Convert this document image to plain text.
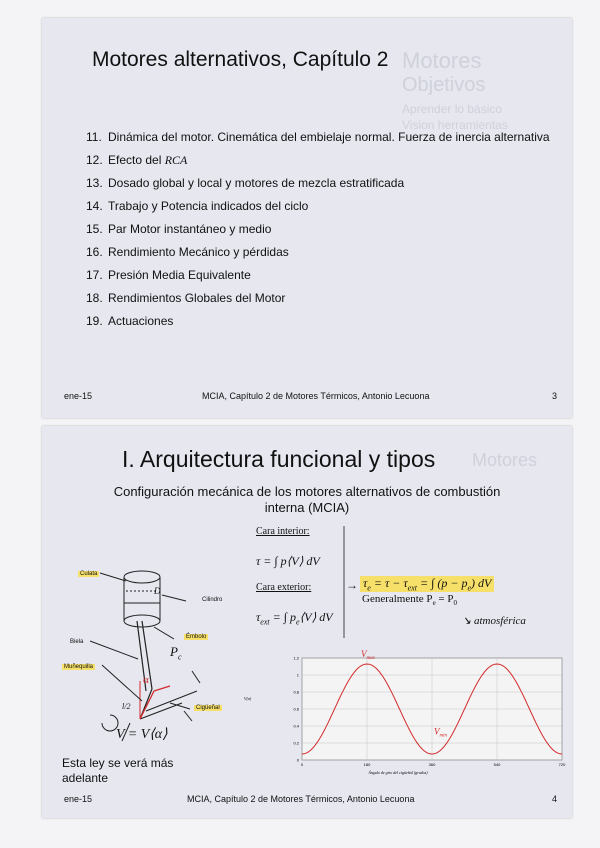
Motores
Objetivos
Aprender lo básico
Vision herramientas
Motores alternativos, Capítulo 2
11. Dinámica del motor. Cinemática del embielaje normal. Fuerza de inercia alternativa
12. Efecto del RCA
13. Dosado global y local y motores de mezcla estratificada
14. Trabajo y Potencia indicados del ciclo
15. Par Motor instantáneo y medio
16. Rendimiento Mecánico y pérdidas
17. Presión Media Equivalente
18. Rendimientos Globales del Motor
19. Actuaciones
ene-15	MCIA, Capítulo 2 de Motores Térmicos, Antonio Lecuona	3
Motores
I. Arquitectura funcional y tipos
Configuración mecánica de los motores alternativos de combustión
interna (MCIA)
Culata
Cilindro
Biela
Muñequilla
Émbolo
Cigüeñal
D
l/2
α
$P_c$
V = V⟨α⟩
Cara interior:
τ = ∫ p⟨V⟩ dV
Cara exterior:
$\tau_{ext}$ = ∫ $p_e⟨V⟩$ dV
→ $\tau_e = \tau - \tau_{ext}$ = ∫ $(p - p_e)$ dV
Generalmente $P_e = P_0$
↘ atmosférica
V(α)
Ángulo de giro del cigüeñal (grados)
0
0.2
0.4
0.6
0.8
1
1.2
0	180	360	540	720
$V_{max}$
$V_{min}$
Esta ley se verá más
adelante
ene-15	MCIA, Capítulo 2 de Motores Térmicos, Antonio Lecuona	4
